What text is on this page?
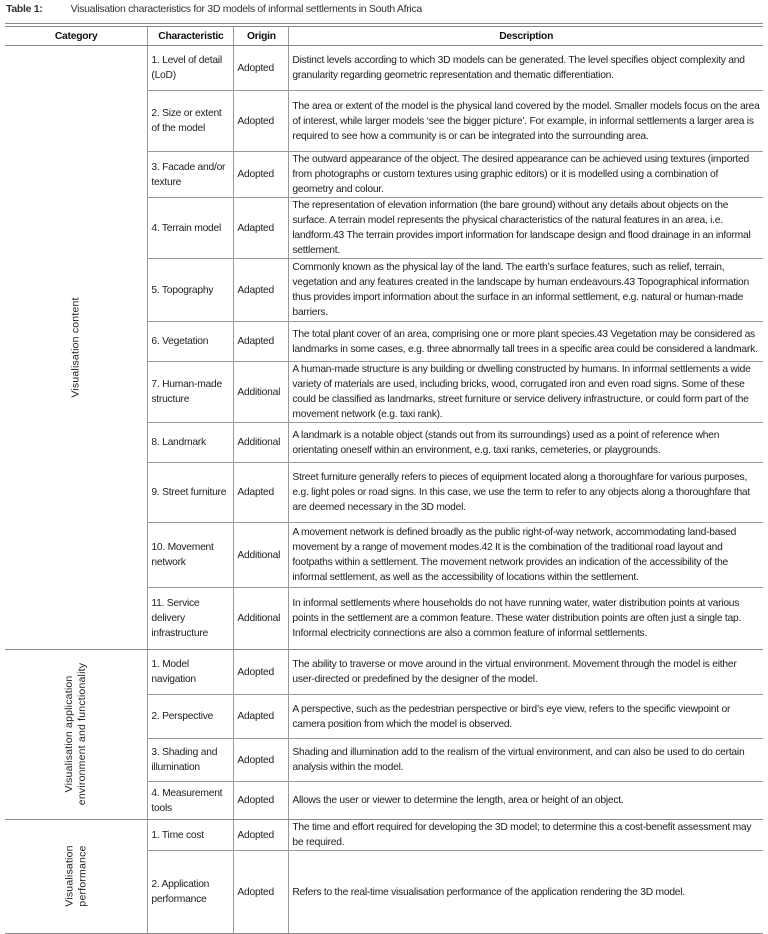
Table 1:	Visualisation characteristics for 3D models of informal settlements in South Africa
Category	Characteristic	Origin	Description

Visualisation content	1. Level of detail (LoD)	Adopted	Distinct levels according to which 3D models can be generated. The level specifies object complexity and granularity regarding geometric representation and thematic differentiation.
	2. Size or extent of the model	Adopted	The area or extent of the model is the physical land covered by the model. Smaller models focus on the area of interest, while larger models ‘see the bigger picture’. For example, in informal settlements a larger area is required to see how a community is or can be integrated into the surrounding area.
	3. Facade and/or texture	Adopted	The outward appearance of the object. The desired appearance can be achieved using textures (imported from photographs or custom textures using graphic editors) or it is modelled using a combination of geometry and colour.
	4. Terrain model	Adapted	The representation of elevation information (the bare ground) without any details about objects on the surface. A terrain model represents the physical characteristics of the natural features in an area, i.e. landform.43 The terrain provides import information for landscape design and flood drainage in an informal settlement.
	5. Topography	Adapted	Commonly known as the physical lay of the land. The earth’s surface features, such as relief, terrain, vegetation and any features created in the landscape by human endeavours.43 Topographical information thus provides import information about the surface in an informal settlement, e.g. natural or human-made barriers.
	6. Vegetation	Adapted	The total plant cover of an area, comprising one or more plant species.43 Vegetation may be considered as landmarks in some cases, e.g. three abnormally tall trees in a specific area could be considered a landmark.
	7. Human-made structure	Additional	A human-made structure is any building or dwelling constructed by humans. In informal settlements a wide variety of materials are used, including bricks, wood, corrugated iron and even road signs. Some of these could be classified as landmarks, street furniture or service delivery infrastructure, or could form part of the movement network (e.g. taxi rank).
	8. Landmark	Additional	A landmark is a notable object (stands out from its surroundings) used as a point of reference when orientating oneself within an environment, e.g. taxi ranks, cemeteries, or playgrounds.
	9. Street furniture	Adapted	Street furniture generally refers to pieces of equipment located along a thoroughfare for various purposes, e.g. light poles or road signs. In this case, we use the term to refer to any objects along a thoroughfare that are deemed necessary in the 3D model.
	10. Movement network	Additional	A movement network is defined broadly as the public right-of-way network, accommodating land-based movement by a range of movement modes.42 It is the combination of the traditional road layout and footpaths within a settlement. The movement network provides an indication of the accessibility of the informal settlement, as well as the accessibility of locations within the settlement.
	11. Service delivery infrastructure	Additional	In informal settlements where households do not have running water, water distribution points at various points in the settlement are a common feature. These water distribution points are often just a single tap. Informal electricity connections are also a common feature of informal settlements.

Visualisation application environment and functionality	1. Model navigation	Adopted	The ability to traverse or move around in the virtual environment. Movement through the model is either user-directed or predefined by the designer of the model.
	2. Perspective	Adapted	A perspective, such as the pedestrian perspective or bird’s eye view, refers to the specific viewpoint or camera position from which the model is observed.
	3. Shading and illumination	Adopted	Shading and illumination add to the realism of the virtual environment, and can also be used to do certain analysis within the model.
	4. Measurement tools	Adopted	Allows the user or viewer to determine the length, area or height of an object.

Visualisation performance	1. Time cost	Adopted	The time and effort required for developing the 3D model; to determine this a cost-benefit assessment may be required.
	2. Application performance	Adopted	Refers to the real-time visualisation performance of the application rendering the 3D model.
